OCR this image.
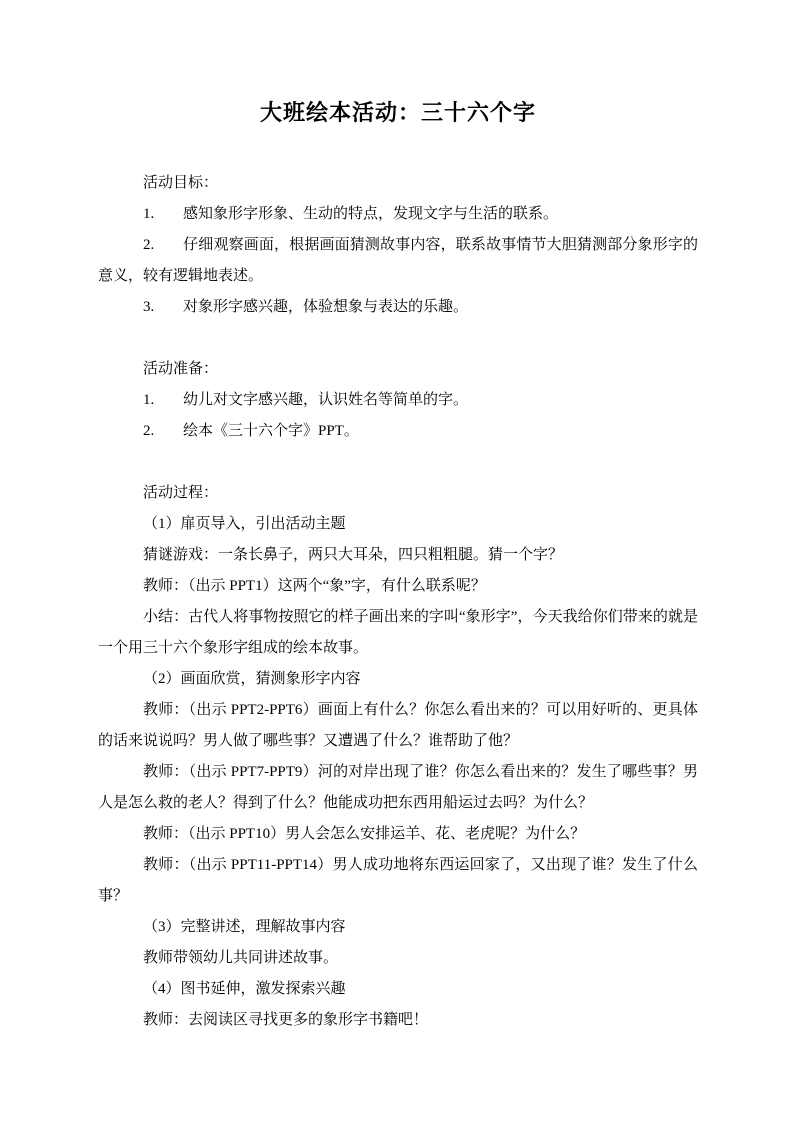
大班绘本活动：三十六个字

活动目标：

1. 感知象形字形象、生动的特点，发现文字与生活的联系。

2. 仔细观察画面，根据画面猜测故事内容，联系故事情节大胆猜测部分象形字的意义，较有逻辑地表述。

3. 对象形字感兴趣，体验想象与表达的乐趣。

活动准备：

1. 幼儿对文字感兴趣，认识姓名等简单的字。

2. 绘本《三十六个字》PPT。

活动过程：

（1）扉页导入，引出活动主题

猜谜游戏：一条长鼻子，两只大耳朵，四只粗粗腿。猜一个字？

教师：（出示 PPT1）这两个“象”字，有什么联系呢？

小结：古代人将事物按照它的样子画出来的字叫“象形字”，今天我给你们带来的就是一个用三十六个象形字组成的绘本故事。

（2）画面欣赏，猜测象形字内容

教师：（出示 PPT2-PPT6）画面上有什么？你怎么看出来的？可以用好听的、更具体的话来说说吗？男人做了哪些事？又遭遇了什么？谁帮助了他？

教师：（出示 PPT7-PPT9）河的对岸出现了谁？你怎么看出来的？发生了哪些事？男人是怎么救的老人？得到了什么？他能成功把东西用船运过去吗？为什么？

教师：（出示 PPT10）男人会怎么安排运羊、花、老虎呢？为什么？

教师：（出示 PPT11-PPT14）男人成功地将东西运回家了，又出现了谁？发生了什么事？

（3）完整讲述，理解故事内容

教师带领幼儿共同讲述故事。

（4）图书延伸，激发探索兴趣

教师：去阅读区寻找更多的象形字书籍吧！
